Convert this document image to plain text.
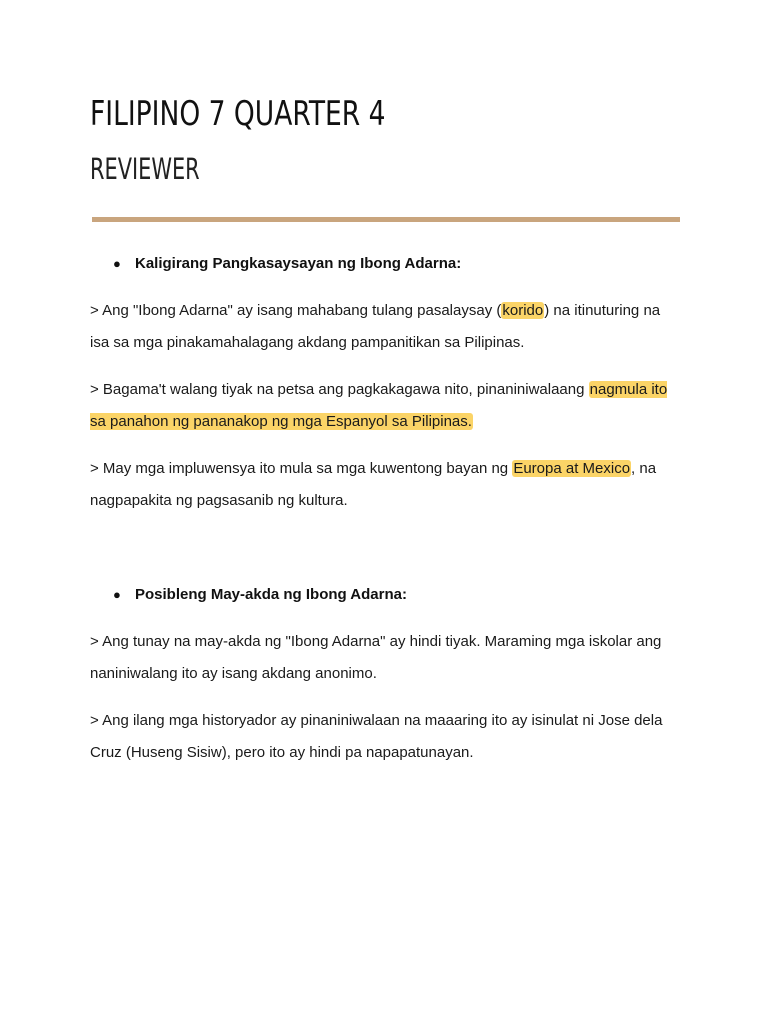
FILIPINO 7 QUARTER 4
REVIEWER
● Kaligirang Pangkasaysayan ng Ibong Adarna:

> Ang "Ibong Adarna" ay isang mahabang tulang pasalaysay (korido) na itinuturing na isa sa mga pinakamahalagang akdang pampanitikan sa Pilipinas.

> Bagama't walang tiyak na petsa ang pagkakagawa nito, pinaniniwalaang nagmula ito sa panahon ng pananakop ng mga Espanyol sa Pilipinas.

> May mga impluwensya ito mula sa mga kuwentong bayan ng Europa at Mexico, na nagpapakita ng pagsasanib ng kultura.

● Posibleng May-akda ng Ibong Adarna:

> Ang tunay na may-akda ng "Ibong Adarna" ay hindi tiyak. Maraming mga iskolar ang naniniwalang ito ay isang akdang anonimo.

> Ang ilang mga historyador ay pinaniniwalaan na maaaring ito ay isinulat ni Jose dela Cruz (Huseng Sisiw), pero ito ay hindi pa napapatunayan.
